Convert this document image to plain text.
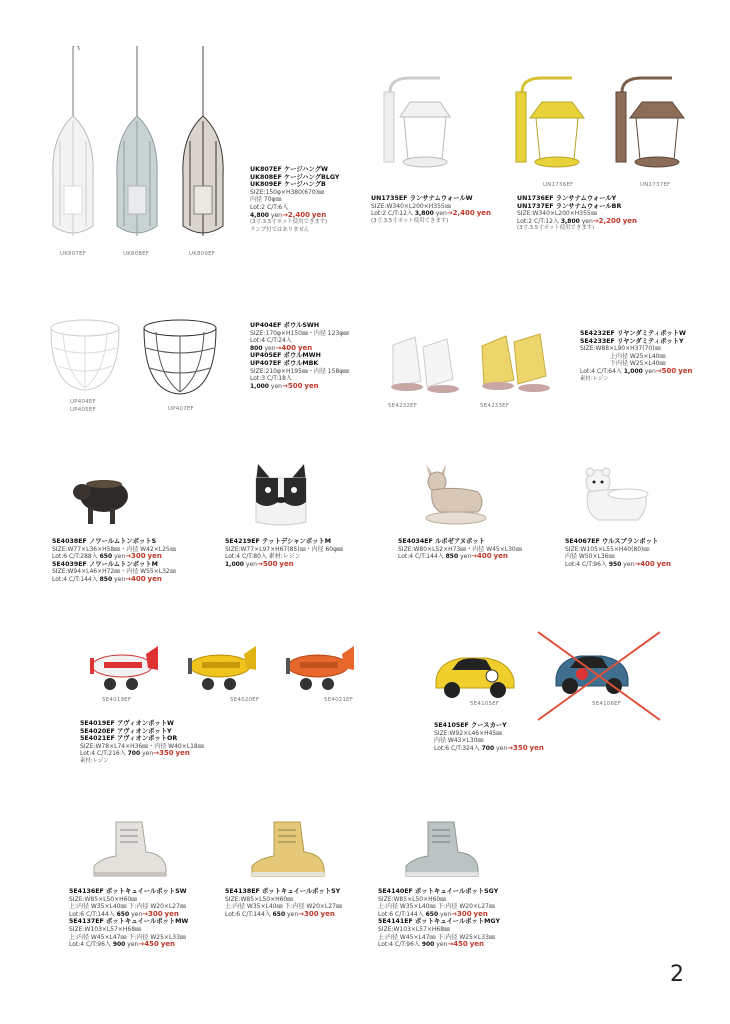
UK807EF	UK808EF	UK809EF
UK807EF ケージハングW
UK808EF ケージハングBLGY
UK809EF ケージハングB
SIZE:150φ×H380(670)㎜
内径 70φ㎜
Lot:2 C/T:6入
4,800 yen→2,400 yen
(3寸.3.5寸ポット使用できます)
ランプ付ではありません
UN1736EF	UN1737EF
UN1735EF ランサナムウォールW
SIZE:W340×L200×H355㎜
Lot:2 C/T:12入 3,800 yen→2,400 yen
(3寸.3.5寸ポット使用できます)
UN1736EF ランサナムウォールY
UN1737EF ランサナムウォールBR
SIZE:W340×L200×H355㎜
Lot:2 C/T:12入 3,800 yen→2,200 yen
(3寸.3.5寸ポット使用できます)
UP404EF
UP405EF	UP407EF
UP404EF ボウルSWH
SIZE:170φ×H150㎜・内径 123φ㎜
Lot:4 C/T:24入
800 yen→400 yen
UP405EF ボウルMWH
UP407EF ボウルMBK
SIZE:210φ×H195㎜・内径 158φ㎜
Lot:3 C/T:18入
1,000 yen→500 yen
5E4232EF	5E4233EF
5E4232EF リヤンダミティポットW
5E4233EF リヤンダミティポットY
SIZE:W88×L90×H37(70)㎜
上内径 W25×L40㎜
下内径 W25×L40㎜
Lot:4 C/T:64入 1,000 yen→500 yen
素材:レジン
5E4038EF ノワールムトンポットS
SIZE:W77×L36×H58㎜・内径 W42×L25㎜
Lot:6 C/T:288入 650 yen→300 yen
5E4039EF ノワールムトンポットM
SIZE:W94×L46×H72㎜・内径 W55×L32㎜
Lot:4 C/T:144入 850 yen→400 yen
5E4219EF テットデシャンポットM
SIZE:W77×L97×H67(85)㎜・内径 60φ㎜
Lot:4 C/T:80入 素材:レジン
1,000 yen→500 yen
5E4034EF ルポゼアヌポット
SIZE:W80×L52×H73㎜・内径 W45×L30㎜
Lot:4 C/T:144入 850 yen→400 yen
5E4067EF ウルスブランポット
SIZE:W105×L55×H40(80)㎜
内径 W50×L36㎜
Lot:4 C/T:96入 950 yen→400 yen
5E4019EF	5E4020EF	5E4021EF
5E4019EF アヴィオンポットW
5E4020EF アヴィオンポットY
5E4021EF アヴィオンポットOR
SIZE:W78×L74×H36㎜・内径 W40×L18㎜
Lot:4 C/T:216入 700 yen→350 yen
素材:レジン
5E4105EF	5E4106EF
5E4105EF クースカーY
SIZE:W92×L46×H45㎜
内径 W43×L30㎜
Lot:6 C/T:324入 700 yen→350 yen
5E4136EF ポットキュイールポットSW
SIZE:W85×L50×H60㎜
上:内径 W35×L40㎜ 下:内径 W20×L27㎜
Lot:6 C/T:144入 650 yen→300 yen
5E4137EF ポットキュイールポットMW
SIZE:W103×L57×H68㎜
上:内径 W45×L47㎜ 下:内径 W25×L33㎜
Lot:4 C/T:96入 900 yen→450 yen
5E4138EF ポットキュイールポットSY
SIZE:W85×L50×H60㎜
上:内径 W35×L40㎜ 下:内径 W20×L27㎜
Lot:6 C/T:144入 650 yen→300 yen
5E4140EF ポットキュイールポットSGY
SIZE:W85×L50×H60㎜
上:内径 W35×L40㎜ 下:内径 W20×L27㎜
Lot:6 C/T:144入 650 yen→300 yen
5E4141EF ポットキュイールポットMGY
SIZE:W103×L57×H68㎜
上:内径 W45×L47㎜ 下:内径 W25×L33㎜
Lot:4 C/T:96入 900 yen→450 yen
2
